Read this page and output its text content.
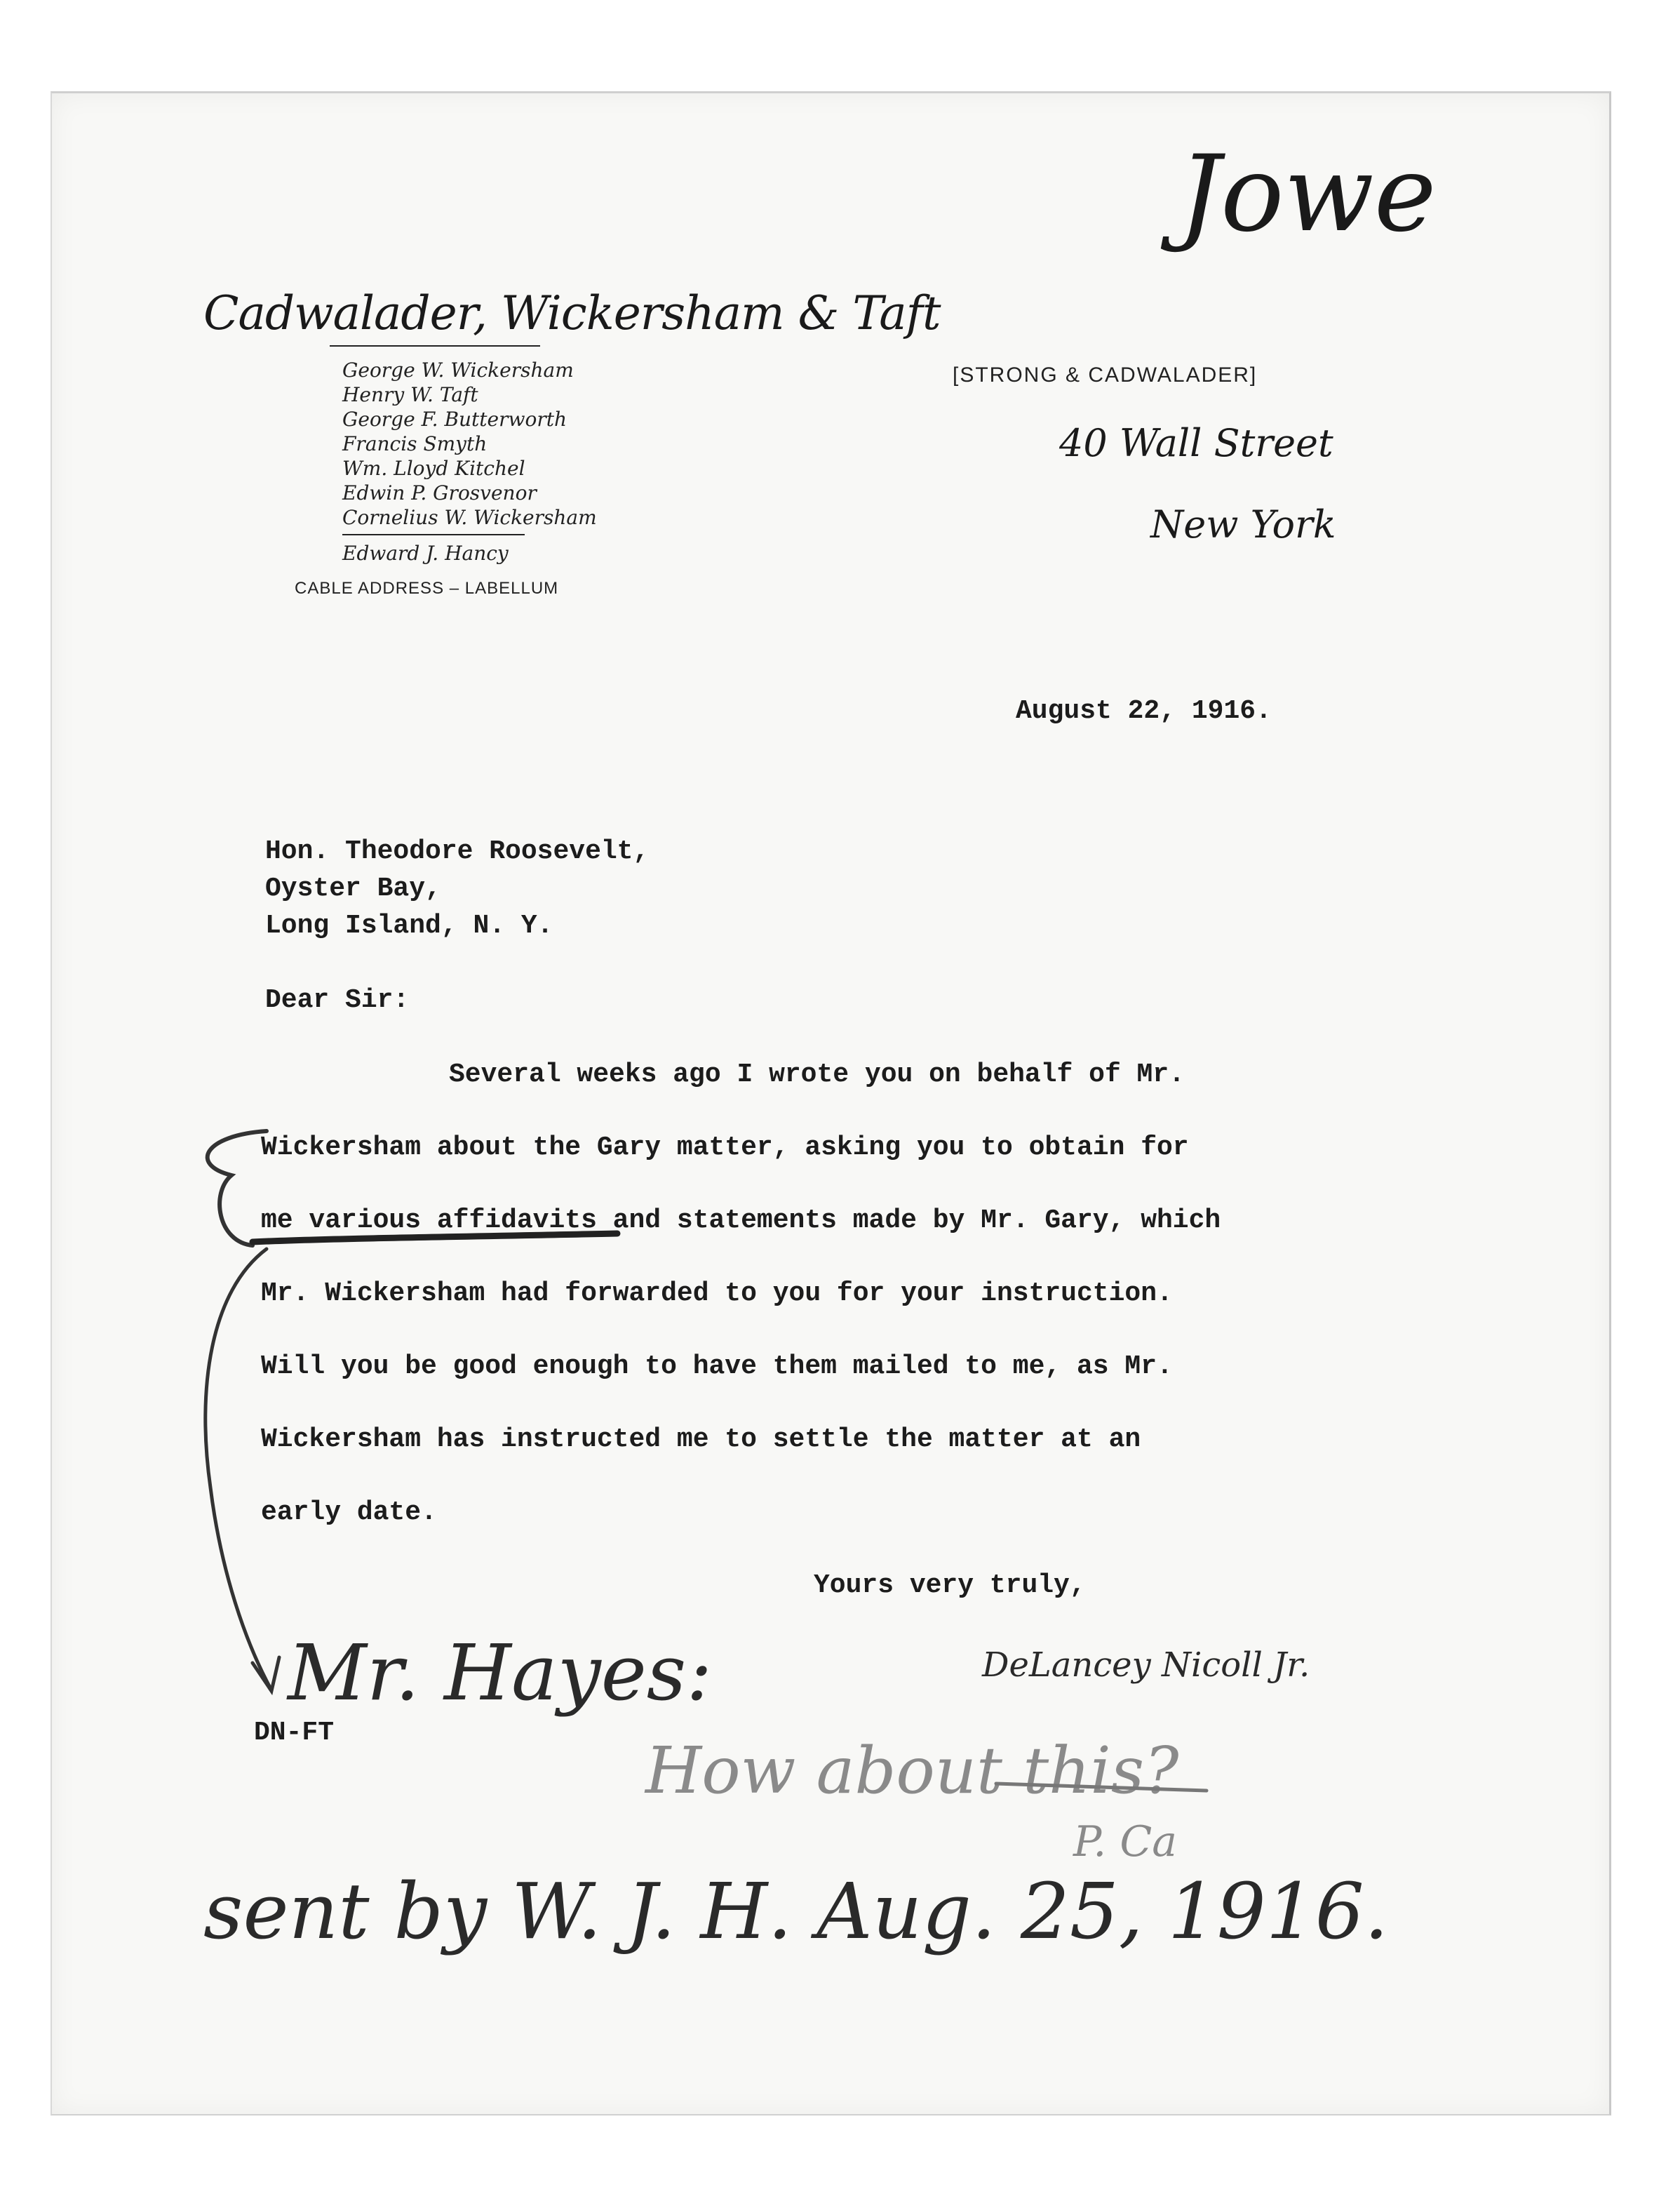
Jowe
Cadwalader, Wickersham & Taft
George W. Wickersham
Henry W. Taft
George F. Butterworth
Francis Smyth
Wm. Lloyd Kitchel
Edwin P. Grosvenor
Cornelius W. Wickersham
Edward J. Hancy
CABLE ADDRESS – LABELLUM
[STRONG & CADWALADER]
40 Wall Street
New York
August 22, 1916.
Hon. Theodore Roosevelt,
Oyster Bay,
Long Island, N. Y.
Dear Sir:
Several weeks ago I wrote you on behalf of Mr.
Wickersham about the Gary matter, asking you to obtain for
me various affidavits and statements made by Mr. Gary, which
Mr. Wickersham had forwarded to you for your instruction.
Will you be good enough to have them mailed to me, as Mr.
Wickersham has instructed me to settle the matter at an
early date.
Yours very truly,
DeLancey Nicoll Jr.
DN-FT
Mr. Hayes:
How about this?
P. Ca
sent by W. J. H. Aug. 25, 1916.
